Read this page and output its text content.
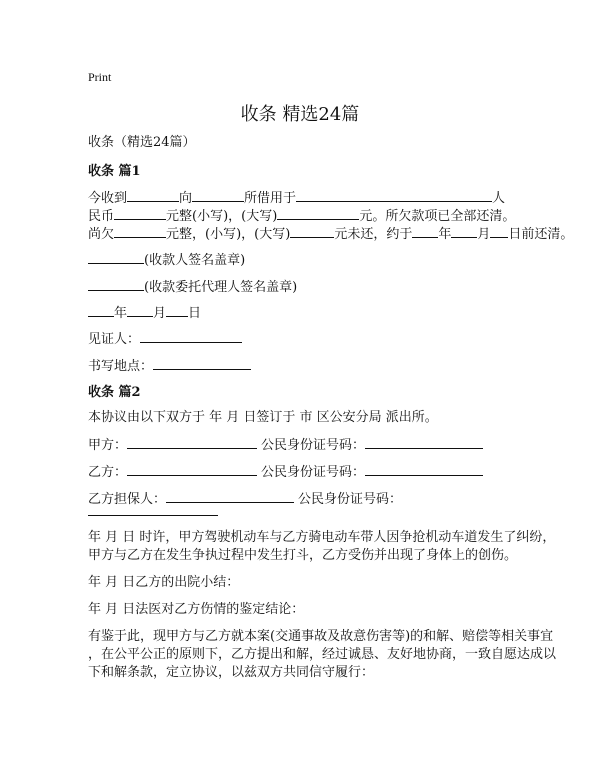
Print
收条 精选24篇
收条（精选24篇）
收条 篇1
今收到	向	所借用于	人
民币	元整(小写)，(大写)	元。所欠款项已全部还清。
尚欠	元整，(小写)，(大写)	元未还，约于 年 月 日前还清。
(收款人签名盖章)
(收款委托代理人签名盖章)
年 月 日
见证人：
书写地点：
收条 篇2
本协议由以下双方于 年 月 日签订于 市 区公安分局 派出所。
甲方：	公民身份证号码：
乙方：	公民身份证号码：
乙方担保人：	公民身份证号码：
年 月 日 时许，甲方驾驶机动车与乙方骑电动车带人因争抢机动车道发生了纠纷，
甲方与乙方在发生争执过程中发生打斗，乙方受伤并出现了身体上的创伤。
年 月 日乙方的出院小结：
年 月 日法医对乙方伤情的鉴定结论：
有鉴于此，现甲方与乙方就本案(交通事故及故意伤害等)的和解、赔偿等相关事宜
，在公平公正的原则下，乙方提出和解，经过诚恳、友好地协商，一致自愿达成以
下和解条款，定立协议，以兹双方共同信守履行：
